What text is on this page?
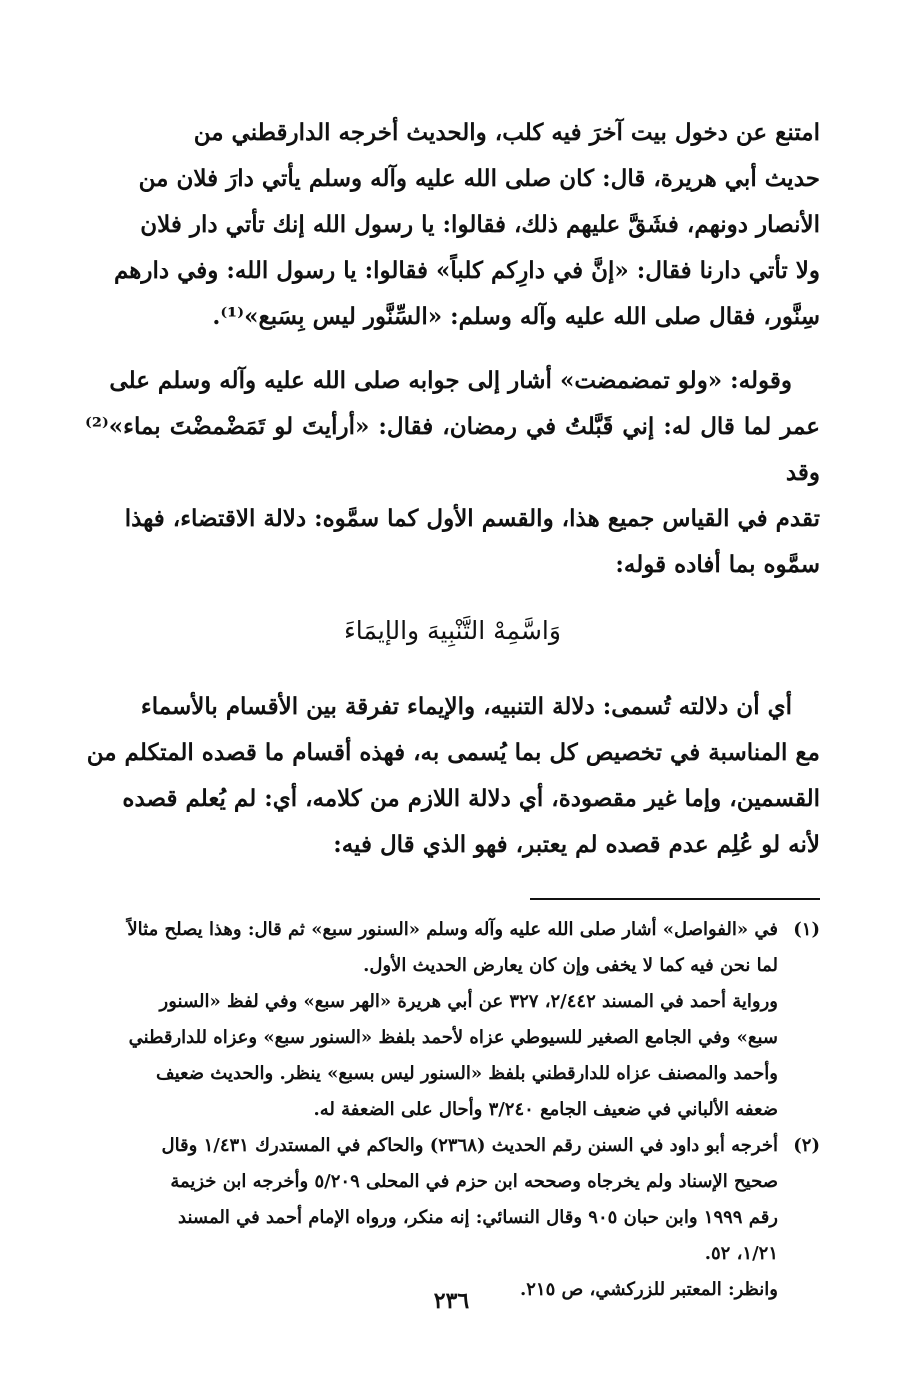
امتنع عن دخول بيت آخرَ فيه كلب، والحديث أخرجه الدارقطني من

حديث أبي هريرة، قال: كان صلى الله عليه وآله وسلم يأتي دارَ فلان من

الأنصار دونهم، فشَقَّ عليهم ذلك، فقالوا: يا رسول الله إنك تأتي دار فلان

ولا تأتي دارنا فقال: «إنَّ في دارِكم كلباً» فقالوا: يا رسول الله: وفي دارهم

سِنَّور، فقال صلى الله عليه وآله وسلم: «السِّنَّور ليس بِسَبع»⁽¹⁾.

وقوله: «ولو تمضمضت» أشار إلى جوابه صلى الله عليه وآله وسلم على

عمر لما قال له: إني قَبَّلتُ في رمضان، فقال: «أرأيتَ لو تَمَضْمضْتَ بماء»⁽²⁾ وقد

تقدم في القياس جميع هذا، والقسم الأول كما سمَّوه: دلالة الاقتضاء، فهذا

سمَّوه بما أفاده قوله:

وَاسَّمِهْ التَّنْبِيهَ والإيمَاءَ

أي أن دلالته تُسمى: دلالة التنبيه، والإيماء تفرقة بين الأقسام بالأسماء

مع المناسبة في تخصيص كل بما يُسمى به، فهذه أقسام ما قصده المتكلم من

القسمين، وإما غير مقصودة، أي دلالة اللازم من كلامه، أي: لم يُعلم قصده

لأنه لو عُلِم عدم قصده لم يعتبر، فهو الذي قال فيه:

(١)

في «الفواصل» أشار صلى الله عليه وآله وسلم «السنور سبع» ثم قال: وهذا يصلح مثالاً

لما نحن فيه كما لا يخفى وإن كان يعارض الحديث الأول.

ورواية أحمد في المسند ٢/٤٤٢، ٣٢٧ عن أبي هريرة «الهر سبع» وفي لفظ «السنور

سبع» وفي الجامع الصغير للسيوطي عزاه لأحمد بلفظ «السنور سبع» وعزاه للدارقطني

وأحمد والمصنف عزاه للدارقطني بلفظ «السنور ليس بسبع» ينظر. والحديث ضعيف

ضعفه الألباني في ضعيف الجامع ٣/٢٤٠ وأحال على الضعفة له.

(٢)

أخرجه أبو داود في السنن رقم الحديث (٢٣٦٨) والحاكم في المستدرك ١/٤٣١ وقال

صحيح الإسناد ولم يخرجاه وصححه ابن حزم في المحلى ٥/٢٠٩ وأخرجه ابن خزيمة

رقم ١٩٩٩ وابن حبان ٩٠٥ وقال النسائي: إنه منكر، ورواه الإمام أحمد في المسند

١/٢١، ٥٢.

وانظر: المعتبر للزركشي، ص ٢١٥.

٢٣٦
